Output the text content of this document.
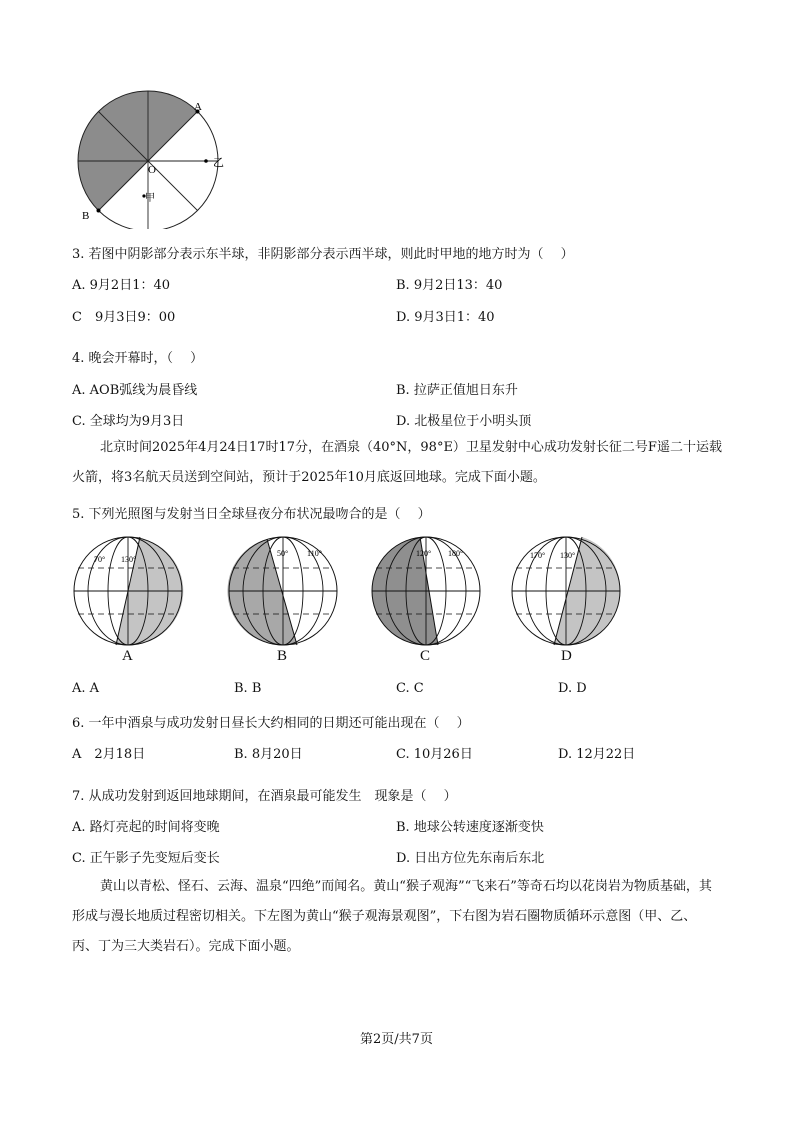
A
B
O
乙
甲
3. 若图中阴影部分表示东半球，非阴影部分表示西半球，则此时甲地的地方时为（　 ）
A. 9月2日1：40	B. 9月2日13：40
C　9月3日9：00	D. 9月3日1：40
4. 晚会开幕时，（　 ）
A. AOB弧线为晨昏线	B. 拉萨正值旭日东升
C. 全球均为9月3日	D. 北极星位于小明头顶
北京时间2025年4月24日17时17分，在酒泉（40°N，98°E）卫星发射中心成功发射长征二号F遥二十运载火箭，将3名航天员送到空间站，预计于2025年10月底返回地球。完成下面小题。
5. 下列光照图与发射当日全球昼夜分布状况最吻合的是（　 ）
70° 130°
A
50° 110°
B
120° 180°
C
170° 130°
D
A. A	B. B	C. C	D. D
6. 一年中酒泉与成功发射日昼长大约相同的日期还可能出现在（　 ）
A　2月18日	B. 8月20日	C. 10月26日	D. 12月22日
7. 从成功发射到返回地球期间，在酒泉最可能发生　现象是（　 ）
A. 路灯亮起的时间将变晚	B. 地球公转速度逐渐变快
C. 正午影子先变短后变长	D. 日出方位先东南后东北
黄山以青松、怪石、云海、温泉“四绝”而闻名。黄山“猴子观海”“飞来石”等奇石均以花岗岩为物质基础，其形成与漫长地质过程密切相关。下左图为黄山“猴子观海景观图”，下右图为岩石圈物质循环示意图（甲、乙、丙、丁为三大类岩石）。完成下面小题。
第2页/共7页
